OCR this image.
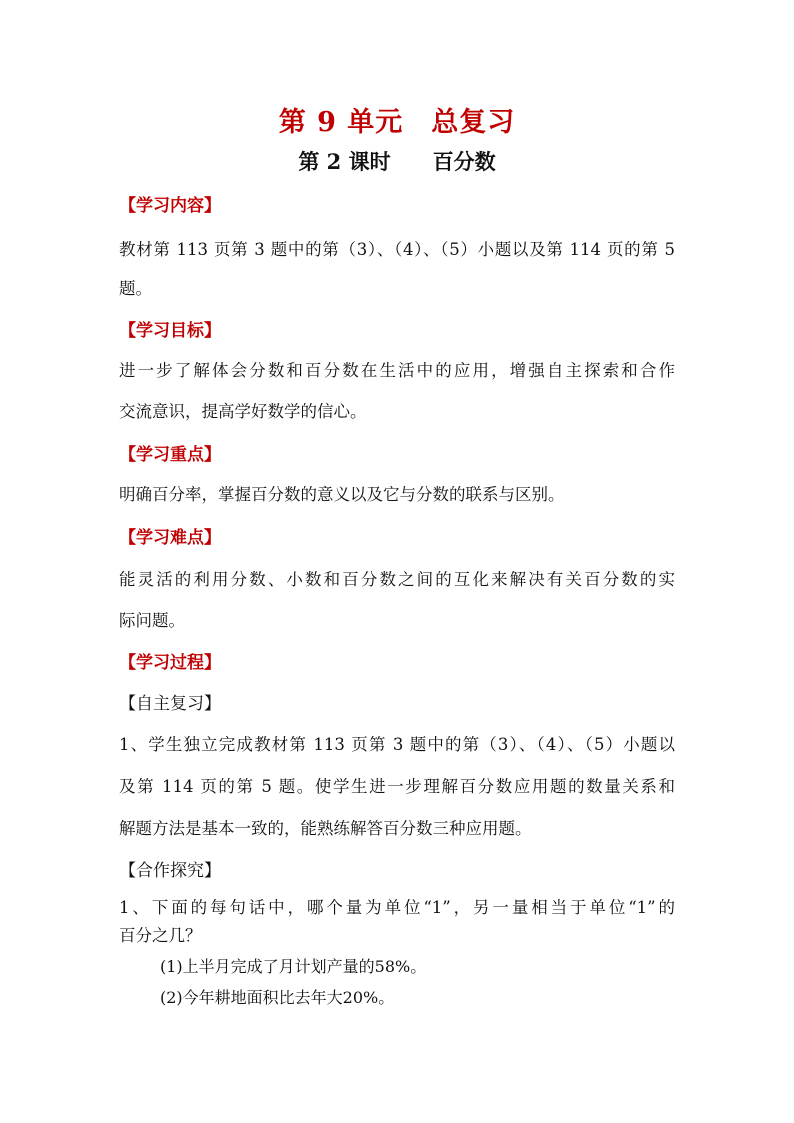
第 9 单元　总复习
第 2 课时　　百分数
【学习内容】
教材第 113 页第 3 题中的第（3）、（4）、（5）小题以及第 114 页的第 5
题。
【学习目标】
进一步了解体会分数和百分数在生活中的应用，增强自主探索和合作
交流意识，提高学好数学的信心。
【学习重点】
明确百分率，掌握百分数的意义以及它与分数的联系与区别。
【学习难点】
能灵活的利用分数、小数和百分数之间的互化来解决有关百分数的实
际问题。
【学习过程】
【自主复习】
1、学生独立完成教材第 113 页第 3 题中的第（3）、（4）、（5）小题以
及第 114 页的第 5 题。使学生进一步理解百分数应用题的数量关系和
解题方法是基本一致的，能熟练解答百分数三种应用题。
【合作探究】
1、下面的每句话中，哪个量为单位“1”，另一量相当于单位“1”的
百分之几？
(1)上半月完成了月计划产量的58%。
(2)今年耕地面积比去年大20%。
